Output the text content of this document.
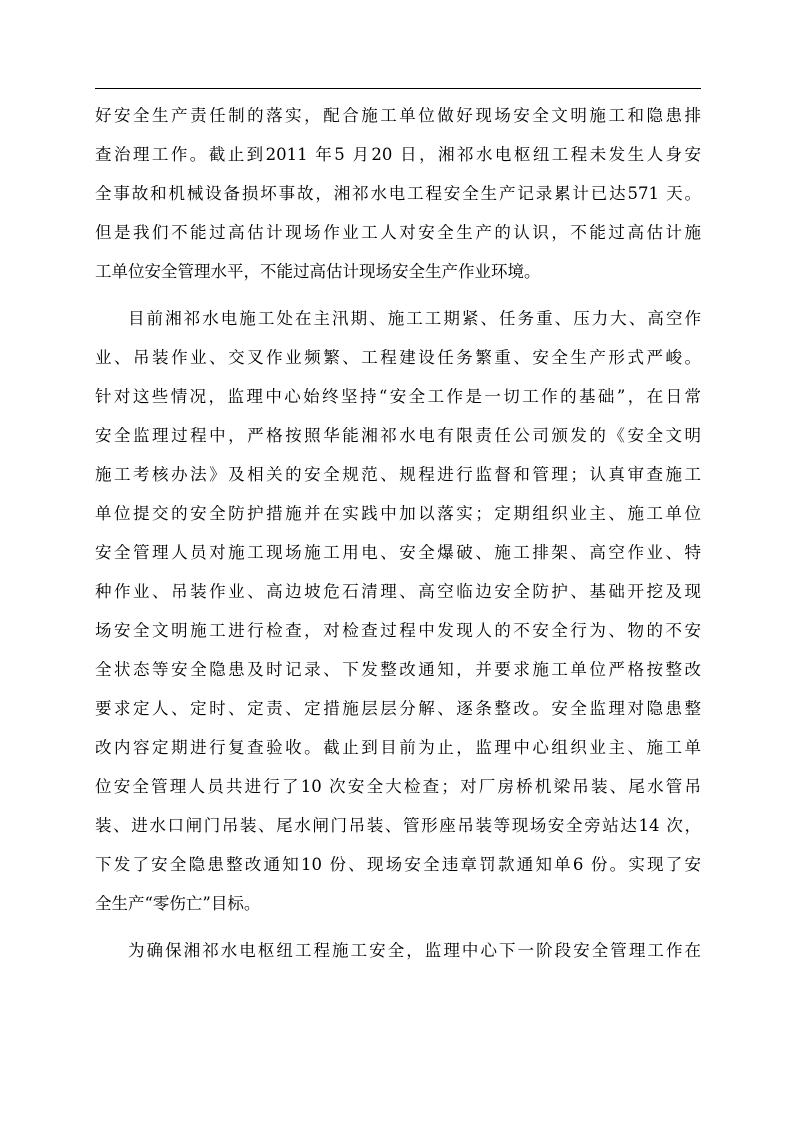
好安全生产责任制的落实，配合施工单位做好现场安全文明施工和隐患排
查治理工作。截止到2011 年5 月20 日，湘祁水电枢纽工程未发生人身安
全事故和机械设备损坏事故，湘祁水电工程安全生产记录累计已达571 天。
但是我们不能过高估计现场作业工人对安全生产的认识，不能过高估计施
工单位安全管理水平，不能过高估计现场安全生产作业环境。
目前湘祁水电施工处在主汛期、施工工期紧、任务重、压力大、高空作
业、吊装作业、交叉作业频繁、工程建设任务繁重、安全生产形式严峻。
针对这些情况，监理中心始终坚持“安全工作是一切工作的基础”，在日常
安全监理过程中，严格按照华能湘祁水电有限责任公司颁发的《安全文明
施工考核办法》及相关的安全规范、规程进行监督和管理；认真审查施工
单位提交的安全防护措施并在实践中加以落实；定期组织业主、施工单位
安全管理人员对施工现场施工用电、安全爆破、施工排架、高空作业、特
种作业、吊装作业、高边坡危石清理、高空临边安全防护、基础开挖及现
场安全文明施工进行检查，对检查过程中发现人的不安全行为、物的不安
全状态等安全隐患及时记录、下发整改通知，并要求施工单位严格按整改
要求定人、定时、定责、定措施层层分解、逐条整改。安全监理对隐患整
改内容定期进行复查验收。截止到目前为止，监理中心组织业主、施工单
位安全管理人员共进行了10 次安全大检查；对厂房桥机梁吊装、尾水管吊
装、进水口闸门吊装、尾水闸门吊装、管形座吊装等现场安全旁站达14 次，
下发了安全隐患整改通知10 份、现场安全违章罚款通知单6 份。实现了安
全生产“零伤亡”目标。
为确保湘祁水电枢纽工程施工安全，监理中心下一阶段安全管理工作在
